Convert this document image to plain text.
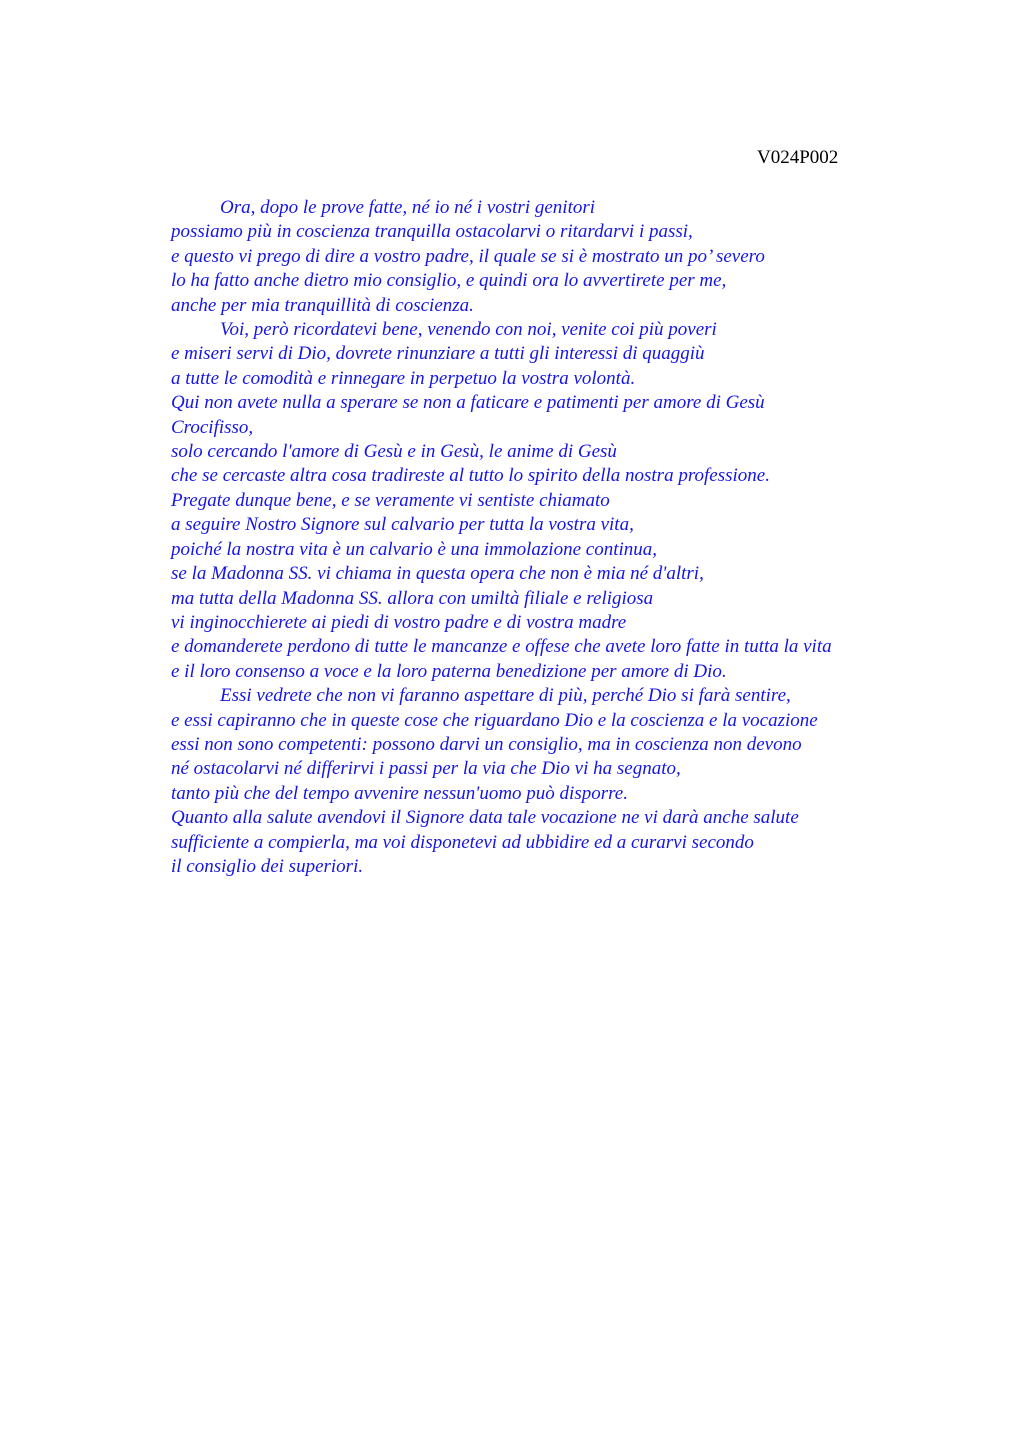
V024P002
Ora, dopo le prove fatte, né io né i vostri genitori
possiamo più in coscienza tranquilla ostacolarvi o ritardarvi i passi,
e questo vi prego di dire a vostro padre, il quale se si è mostrato un po’ severo
lo ha fatto anche dietro mio consiglio, e quindi ora lo avvertirete per me,
anche per mia tranquillità di coscienza.
Voi, però ricordatevi bene, venendo con noi, venite coi più poveri
e miseri servi di Dio, dovrete rinunziare a tutti gli interessi di quaggiù
a tutte le comodità e rinnegare in perpetuo la vostra volontà.
Qui non avete nulla a sperare se non a faticare e patimenti per amore di Gesù
Crocifisso,
solo cercando l'amore di Gesù e in Gesù, le anime di Gesù
che se cercaste altra cosa tradireste al tutto lo spirito della nostra professione.
Pregate dunque bene, e se veramente vi sentiste chiamato
a seguire Nostro Signore sul calvario per tutta la vostra vita,
poiché la nostra vita è un calvario è una immolazione continua,
se la Madonna SS. vi chiama in questa opera che non è mia né d'altri,
ma tutta della Madonna SS. allora con umiltà filiale e religiosa
vi inginocchierete ai piedi di vostro padre e di vostra madre
e domanderete perdono di tutte le mancanze e offese che avete loro fatte in tutta la vita
e il loro consenso a voce e la loro paterna benedizione per amore di Dio.
Essi vedrete che non vi faranno aspettare di più, perché Dio si farà sentire,
e essi capiranno che in queste cose che riguardano Dio e la coscienza e la vocazione
essi non sono competenti: possono darvi un consiglio, ma in coscienza non devono
né ostacolarvi né differirvi i passi per la via che Dio vi ha segnato,
tanto più che del tempo avvenire nessun'uomo può disporre.
Quanto alla salute avendovi il Signore data tale vocazione ne vi darà anche salute
sufficiente a compierla, ma voi disponetevi ad ubbidire ed a curarvi secondo
il consiglio dei superiori.
